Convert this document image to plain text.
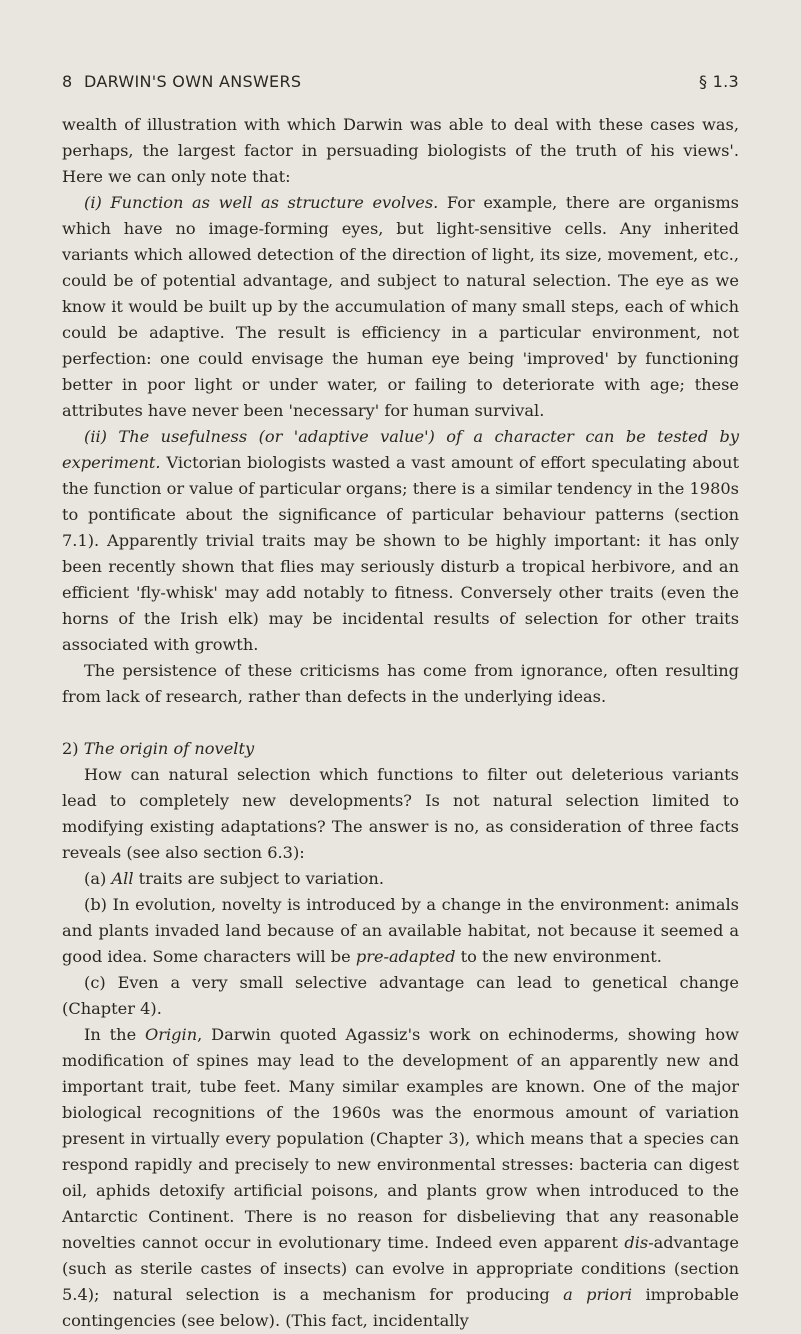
8 DARWIN'S OWN ANSWERS	§ 1.3

wealth of illustration with which Darwin was able to deal with these cases was, perhaps, the largest factor in persuading biologists of the truth of his views'. Here we can only note that:

(i) Function as well as structure evolves. For example, there are organisms which have no image-forming eyes, but light-sensitive cells. Any inherited variants which allowed detection of the direction of light, its size, movement, etc., could be of potential advantage, and subject to natural selection. The eye as we know it would be built up by the accumulation of many small steps, each of which could be adaptive. The result is efficiency in a particular environment, not perfection: one could envisage the human eye being 'improved' by functioning better in poor light or under water, or failing to deteriorate with age; these attributes have never been 'necessary' for human survival.

(ii) The usefulness (or 'adaptive value') of a character can be tested by experiment. Victorian biologists wasted a vast amount of effort speculating about the function or value of particular organs; there is a similar tendency in the 1980s to pontificate about the significance of particular behaviour patterns (section 7.1). Apparently trivial traits may be shown to be highly important: it has only been recently shown that flies may seriously disturb a tropical herbivore, and an efficient 'fly-whisk' may add notably to fitness. Conversely other traits (even the horns of the Irish elk) may be incidental results of selection for other traits associated with growth.

The persistence of these criticisms has come from ignorance, often resulting from lack of research, rather than defects in the underlying ideas.

2) The origin of novelty

How can natural selection which functions to filter out deleterious variants lead to completely new developments? Is not natural selection limited to modifying existing adaptations? The answer is no, as consideration of three facts reveals (see also section 6.3):

(a) All traits are subject to variation.

(b) In evolution, novelty is introduced by a change in the environment: animals and plants invaded land because of an available habitat, not because it seemed a good idea. Some characters will be pre-adapted to the new environment.

(c) Even a very small selective advantage can lead to genetical change (Chapter 4).

In the Origin, Darwin quoted Agassiz's work on echinoderms, showing how modification of spines may lead to the development of an apparently new and important trait, tube feet. Many similar examples are known. One of the major biological recognitions of the 1960s was the enormous amount of variation present in virtually every population (Chapter 3), which means that a species can respond rapidly and precisely to new environmental stresses: bacteria can digest oil, aphids detoxify artificial poisons, and plants grow when introduced to the Antarctic Continent. There is no reason for disbelieving that any reasonable novelties cannot occur in evolutionary time. Indeed even apparent dis-advantage (such as sterile castes of insects) can evolve in appropriate conditions (section 5.4); natural selection is a mechanism for producing a priori improbable contingencies (see below). (This fact, incidentally
